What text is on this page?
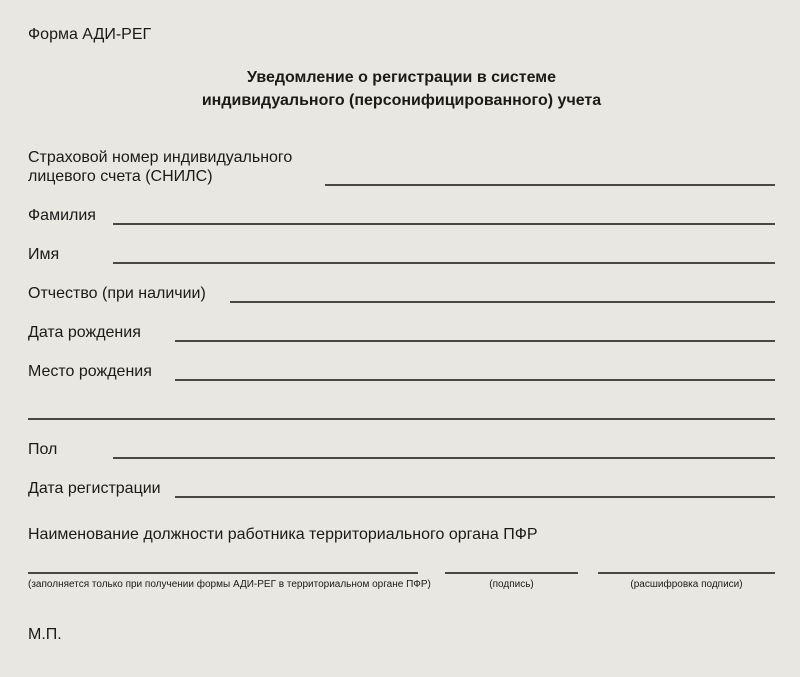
Форма АДИ-РЕГ
Уведомление о регистрации в системе
индивидуального (персонифицированного) учета
Страховой номер индивидуального
лицевого счета (СНИЛС)
Фамилия
Имя
Отчество (при наличии)
Дата рождения
Место рождения
Пол
Дата регистрации
Наименование должности работника территориального органа ПФР
(заполняется только при получении формы АДИ-РЕГ в территориальном органе ПФР)	(подпись)	(расшифровка подписи)
М.П.
